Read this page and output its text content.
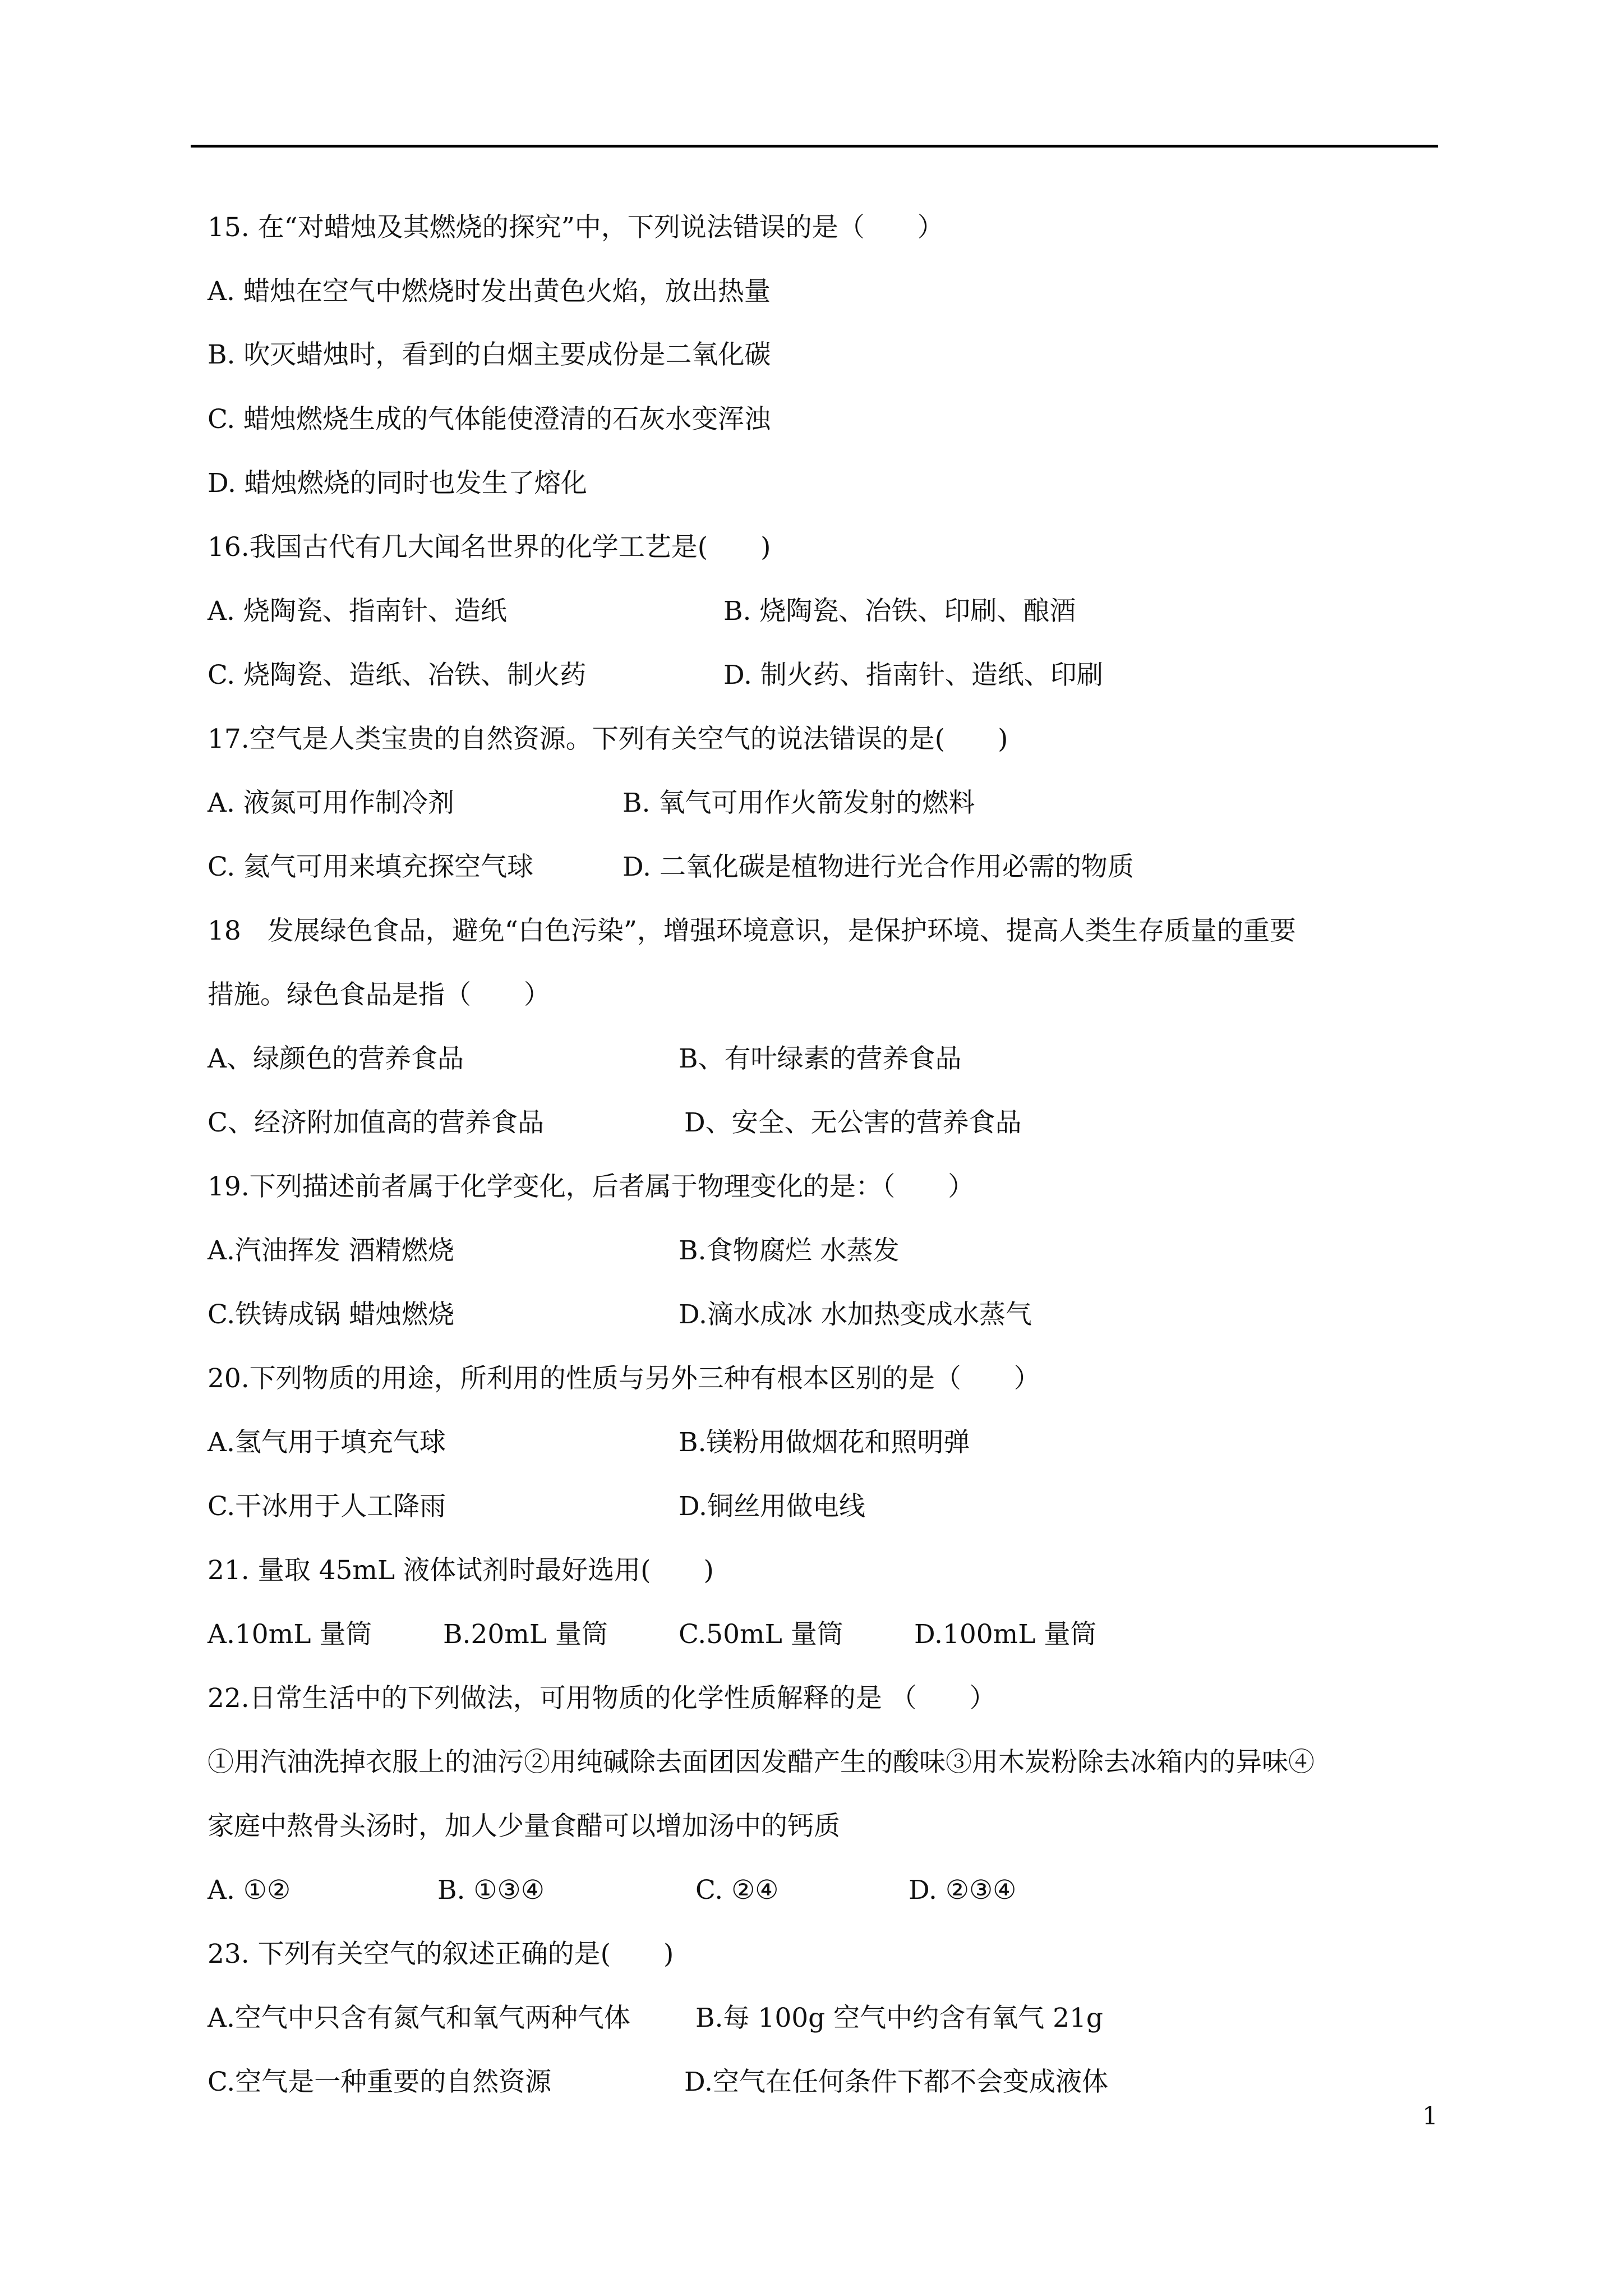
15. 在“对蜡烛及其燃烧的探究”中，下列说法错误的是（　　）
A. 蜡烛在空气中燃烧时发出黄色火焰，放出热量
B. 吹灭蜡烛时，看到的白烟主要成份是二氧化碳
C. 蜡烛燃烧生成的气体能使澄清的石灰水变浑浊
D. 蜡烛燃烧的同时也发生了熔化
16.我国古代有几大闻名世界的化学工艺是(　　)
A. 烧陶瓷、指南针、造纸	B. 烧陶瓷、冶铁、印刷、酿酒
C. 烧陶瓷、造纸、冶铁、制火药	D. 制火药、指南针、造纸、印刷
17.空气是人类宝贵的自然资源。下列有关空气的说法错误的是(　　)
A. 液氮可用作制冷剂	B. 氧气可用作火箭发射的燃料
C. 氦气可用来填充探空气球	D. 二氧化碳是植物进行光合作用必需的物质
18　发展绿色食品，避免“白色污染”，增强环境意识，是保护环境、提高人类生存质量的重要
措施。绿色食品是指（　　）
A、绿颜色的营养食品	B、有叶绿素的营养食品
C、经济附加值高的营养食品	D、安全、无公害的营养食品
19.下列描述前者属于化学变化，后者属于物理变化的是：（　　）
A.汽油挥发 酒精燃烧	B.食物腐烂 水蒸发
C.铁铸成锅 蜡烛燃烧	D.滴水成冰 水加热变成水蒸气
20.下列物质的用途，所利用的性质与另外三种有根本区别的是（　　）
A.氢气用于填充气球	B.镁粉用做烟花和照明弹
C.干冰用于人工降雨	D.铜丝用做电线
21. 量取 45mL 液体试剂时最好选用(　　)
A.10mL 量筒	B.20mL 量筒	C.50mL 量筒	D.100mL 量筒
22.日常生活中的下列做法，可用物质的化学性质解释的是 （　　）
①用汽油洗掉衣服上的油污②用纯碱除去面团因发醋产生的酸味③用木炭粉除去冰箱内的异味④
家庭中熬骨头汤时，加人少量食醋可以增加汤中的钙质
A. ①②	B. ①③④	C. ②④	D. ②③④
23. 下列有关空气的叙述正确的是(　　)
A.空气中只含有氮气和氧气两种气体 B.每 100g 空气中约含有氧气 21g
C.空气是一种重要的自然资源	D.空气在任何条件下都不会变成液体
1
